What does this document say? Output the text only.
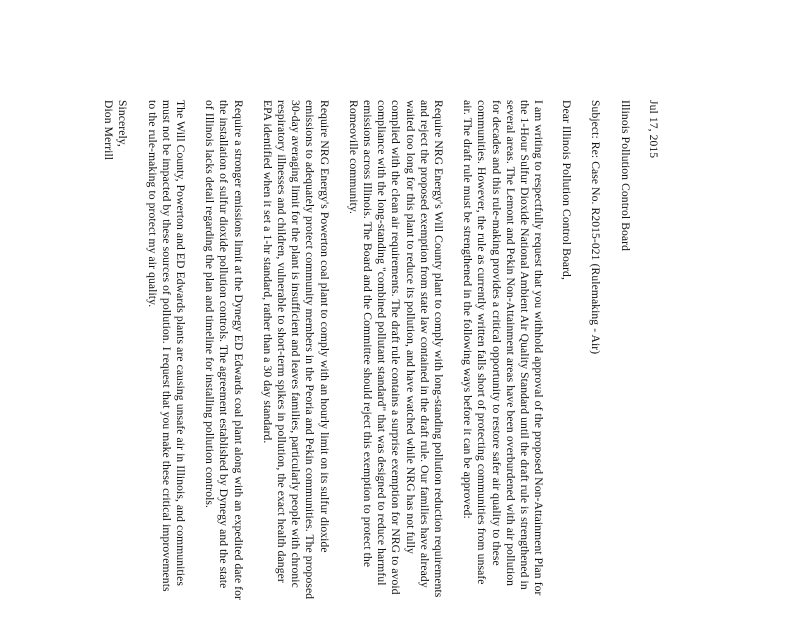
Jul 17, 2015

Illinois Pollution Control Board

Subject: Re: Case No. R2015-021 (Rulemaking - Air)

Dear Illinois Pollution Control Board,

I am writing to respectfully request that you withhold approval of the proposed Non-Attainment Plan for the 1-Hour Sulfur Dioxide National Ambient Air Quality Standard until the draft rule is strengthened in several areas. The Lemont and Pekin Non-Attainment areas have been overburdened with air pollution for decades and this rule-making provides a critical opportunity to restore safer air quality to these communities. However, the rule as currently written falls short of protecting communities from unsafe air. The draft rule must be strengthened in the following ways before it can be approved:

Require NRG Energy's Will County plant to comply with long-standing pollution reduction requirements and reject the proposed exemption from state law contained in the draft rule. Our families have already waited too long for this plant to reduce its pollution, and have watched while NRG has not fully complied with the clean air requirements. The draft rule contains a surprise exemption for NRG to avoid compliance with the long-standing "combined pollutant standard" that was designed to reduce harmful emissions across Illinois. The Board and the Committee should reject this exemption to protect the Romeoville community.

Require NRG Energy's Powerton coal plant to comply with an hourly limit on its sulfur dioxide emissions to adequately protect community members in the Peoria and Pekin communities. The proposed 30-day averaging limit for the plant is insufficient and leaves families, particularly people with chronic respiratory illnesses and children, vulnerable to short-term spikes in pollution, the exact health danger EPA identified when it set a 1-hr standard, rather than a 30 day standard.

Require a stronger emissions limit at the Dynegy ED Edwards coal plant along with an expedited date for the installation of sulfur dioxide pollution controls. The agreement established by Dynegy and the state of Illinois lacks detail regarding the plan and timeline for installing pollution controls.

The Will County, Powerton and ED Edwards plants are causing unsafe air in Illinois, and communities must not be impacted by these sources of pollution. I request that you make these critical improvements to the rule-making to protect my air quality.

Sincerely,

Dion Merrill
